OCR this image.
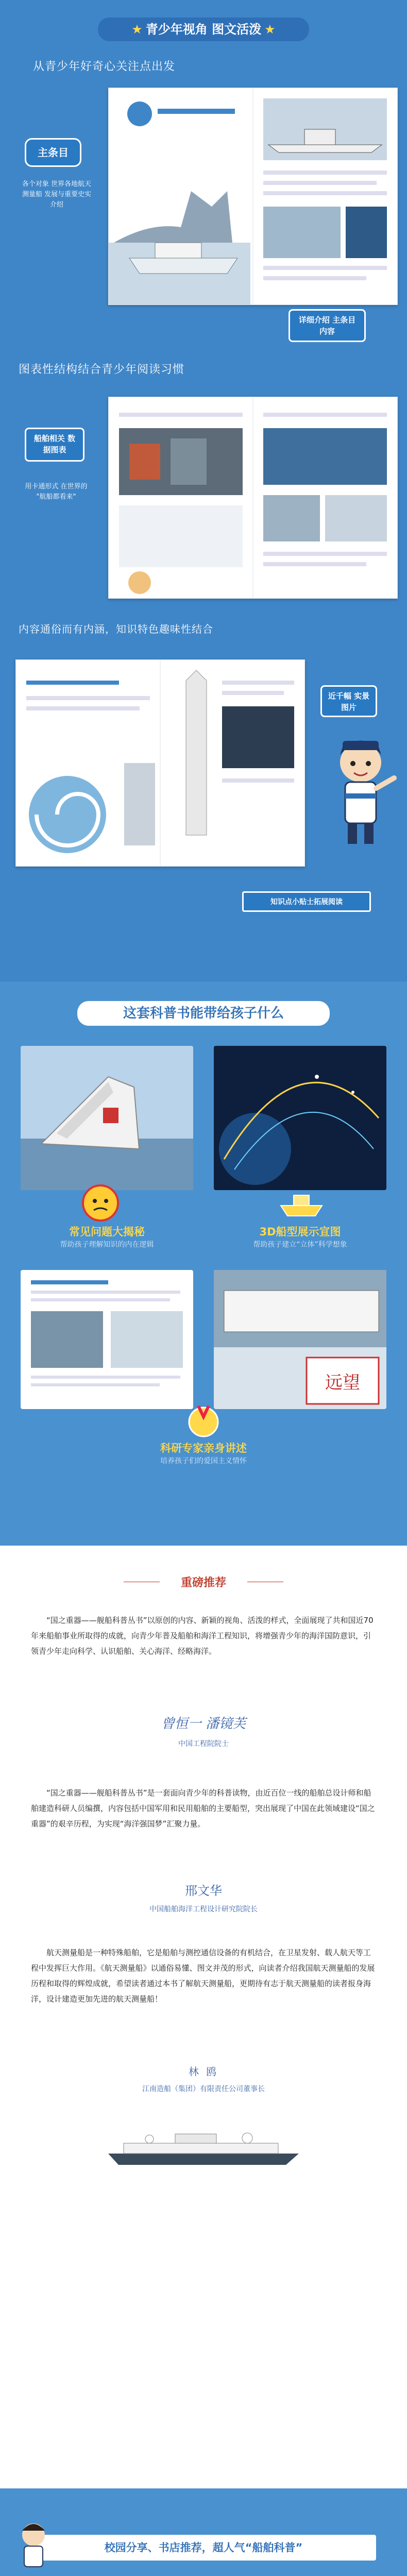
★ 青少年视角 图文活泼 ★
从青少年好奇心关注点出发
主条目
各个对象 世界各地航天测量船 发展与重要史实介绍
详细介绍 主条目内容
图表性结构结合青少年阅读习惯
船舶相关 数据图表
用卡通形式 在世界的 "航船都看来"
内容通俗而有内涵，知识特色趣味性结合
近千幅 实景图片
知识点小贴士拓展阅读
这套科普书能带给孩子什么
常见问题大揭秘
帮助孩子理解知识的内在逻辑
3D船型展示宣图
帮助孩子建立“立体”科学想象
远望
科研专家亲身讲述
培养孩子们的爱国主义情怀
重磅推荐
“国之重器——舰船科普丛书”以原创的内容、新颖的视角、活泼的样式，全面展现了共和国近70年来船舶事业所取得的成就，向青少年普及船舶和海洋工程知识，将增强青少年的海洋国防意识，引领青少年走向科学、认识船舶、关心海洋、经略海洋。
曾恒一 潘镜芙
中国工程院院士
“国之重器——舰船科普丛书”是一套面向青少年的科普读物，由近百位一线的船舶总设计师和船舶建造科研人员编撰，内容包括中国军用和民用船舶的主要船型，突出展现了中国在此领域建设“国之重器”的艰辛历程，为实现“海洋强国梦”汇聚力量。
邢文华
中国船舶海洋工程设计研究院院长
航天测量船是一种特殊船舶，它是船舶与测控通信设备的有机结合，在卫星发射、载人航天等工程中发挥巨大作用。《航天测量船》以通俗易懂、图文并茂的形式，向读者介绍我国航天测量船的发展历程和取得的辉煌成就，希望读者通过本书了解航天测量船，更期待有志于航天测量船的读者报身海洋，设计建造更加先进的航天测量船！
林 鸥
江南造船（集团）有限责任公司董事长
校园分享、书店推荐，超人气“船舶科普”
